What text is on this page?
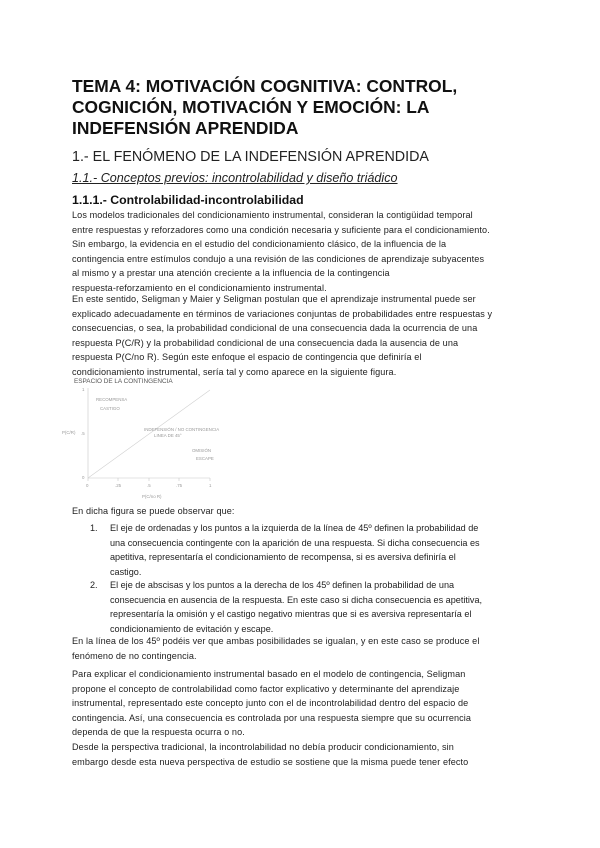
TEMA 4: MOTIVACIÓN COGNITIVA: CONTROL,
COGNICIÓN, MOTIVACIÓN Y EMOCIÓN: LA
INDEFENSIÓN APRENDIDA
1.- EL FENÓMENO DE LA INDEFENSIÓN APRENDIDA
1.1.- Conceptos previos: incontrolabilidad y diseño triádico
1.1.1.- Controlabilidad-incontrolabilidad
Los modelos tradicionales del condicionamiento instrumental, consideran la contigüidad temporal
entre respuestas y reforzadores como una condición necesaria y suficiente para el condicionamiento.
Sin embargo, la evidencia en el estudio del condicionamiento clásico, de la influencia de la
contingencia entre estímulos condujo a una revisión de las condiciones de aprendizaje subyacentes
al mismo y a prestar una atención creciente a la influencia de la contingencia
respuesta-reforzamiento en el condicionamiento instrumental.
En este sentido, Seligman y Maier y Seligman postulan que el aprendizaje instrumental puede ser
explicado adecuadamente en términos de variaciones conjuntas de probabilidades entre respuestas y
consecuencias, o sea, la probabilidad condicional de una consecuencia dada la ocurrencia de una
respuesta P(C/R) y la probabilidad condicional de una consecuencia dada la ausencia de una
respuesta P(C/no R). Según este enfoque el espacio de contingencia que definiría el
condicionamiento instrumental, sería tal y como aparece en la siguiente figura.
ESPACIO DE LA CONTINGENCIA
0	.25	.5	.75	1
1
.5
0
RECOMPENSA
CASTIGO
INDEFENSIÓN / NO CONTINGENCIA
LINEA DE 45°
OMISIÓN
ESCAPE
P(C/R)
P(C/no R)
En dicha figura se puede observar que:
1. El eje de ordenadas y los puntos a la izquierda de la línea de 45º definen la probabilidad de
una consecuencia contingente con la aparición de una respuesta. Si dicha consecuencia es
apetitiva, representaría el condicionamiento de recompensa, si es aversiva definiría el
castigo.
2. El eje de abscisas y los puntos a la derecha de los 45º definen la probabilidad de una
consecuencia en ausencia de la respuesta. En este caso si dicha consecuencia es apetitiva,
representaría la omisión y el castigo negativo mientras que si es aversiva representaría el
condicionamiento de evitación y escape.
En la línea de los 45º podéis ver que ambas posibilidades se igualan, y en este caso se produce el
fenómeno de no contingencia.
Para explicar el condicionamiento instrumental basado en el modelo de contingencia, Seligman
propone el concepto de controlabilidad como factor explicativo y determinante del aprendizaje
instrumental, representado este concepto junto con el de incontrolabilidad dentro del espacio de
contingencia. Así, una consecuencia es controlada por una respuesta siempre que su ocurrencia
dependa de que la respuesta ocurra o no.
Desde la perspectiva tradicional, la incontrolabilidad no debía producir condicionamiento, sin
embargo desde esta nueva perspectiva de estudio se sostiene que la misma puede tener efecto
